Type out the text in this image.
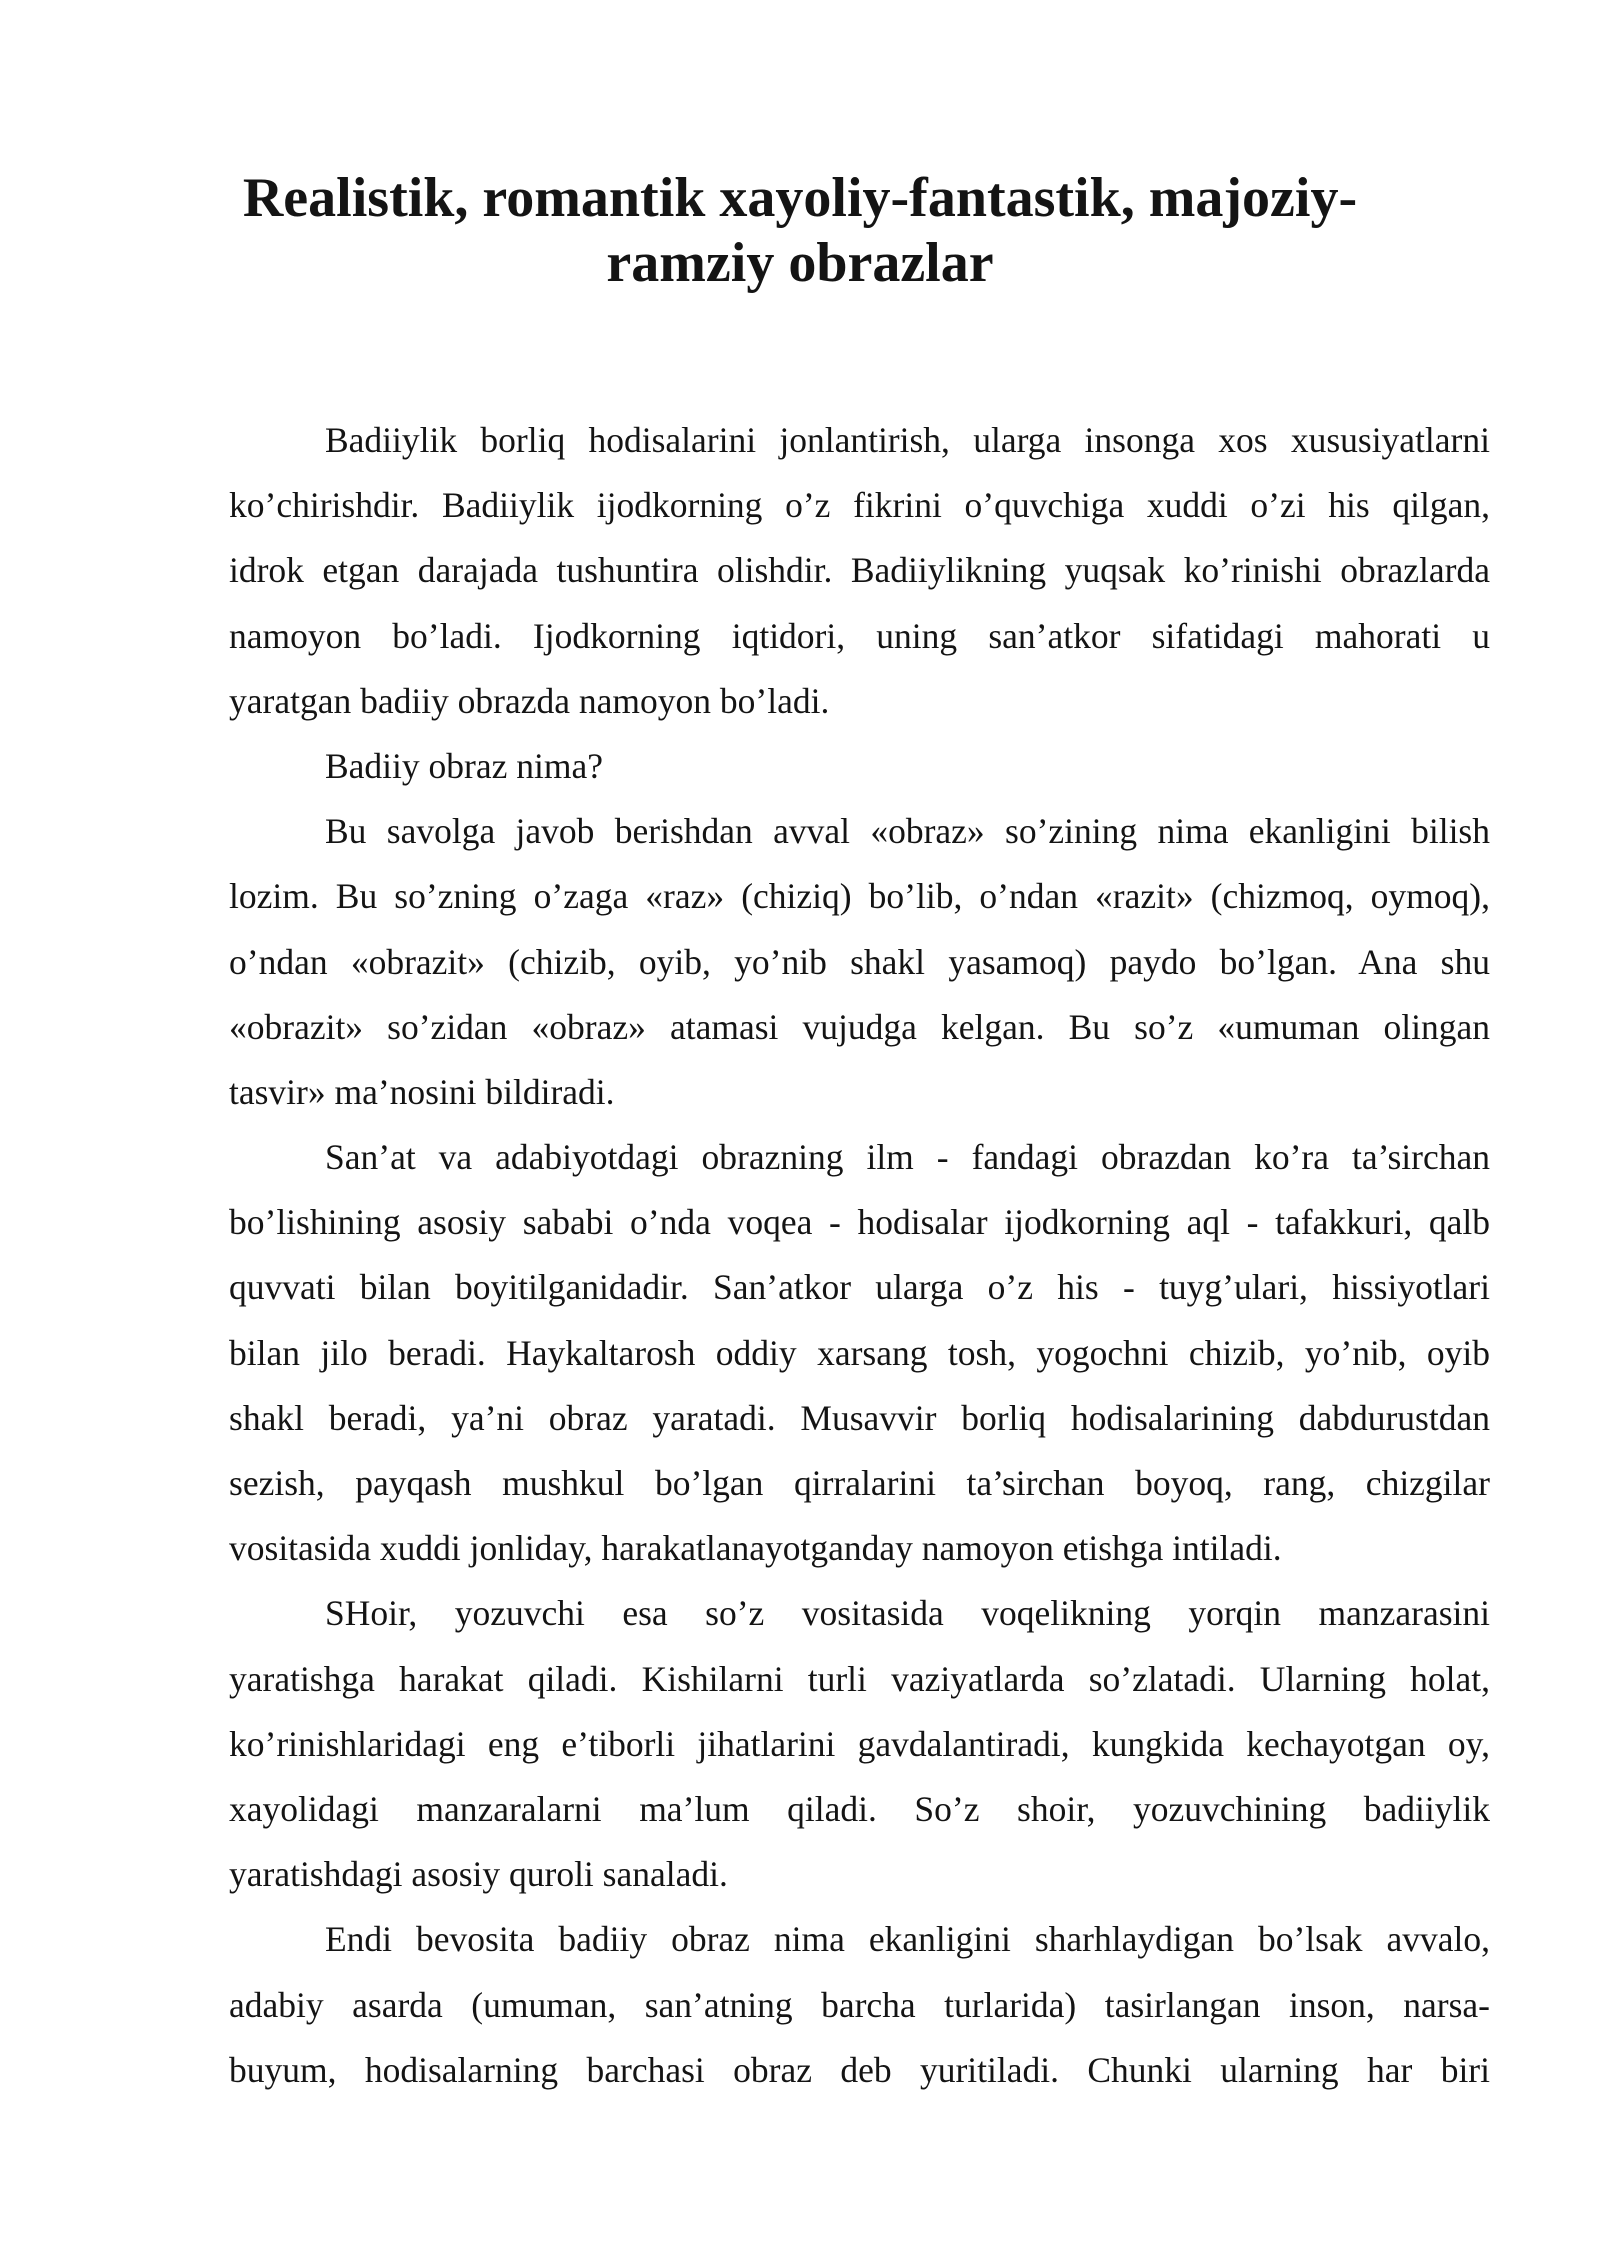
Realistik, romantik xayoliy-fantastik, majoziy-
ramziy obrazlar
Badiiylik borliq hodisalarini jonlantirish, ularga insonga xos xususiyatlarni
ko’chirishdir. Badiiylik ijodkorning o’z fikrini o’quvchiga xuddi o’zi his qilgan,
idrok etgan darajada tushuntira olishdir. Badiiylikning yuqsak ko’rinishi obrazlarda
namoyon bo’ladi. Ijodkorning iqtidori, uning san’atkor sifatidagi mahorati u
yaratgan badiiy obrazda namoyon bo’ladi.
Badiiy obraz nima?
Bu savolga javob berishdan avval «obraz» so’zining nima ekanligini bilish
lozim. Bu so’zning o’zaga «raz» (chiziq) bo’lib, o’ndan «razit» (chizmoq, oymoq),
o’ndan «obrazit» (chizib, oyib, yo’nib shakl yasamoq) paydo bo’lgan. Ana shu
«obrazit» so’zidan «obraz» atamasi vujudga kelgan. Bu so’z «umuman olingan
tasvir» ma’nosini bildiradi.
San’at va adabiyotdagi obrazning ilm - fandagi obrazdan ko’ra ta’sirchan
bo’lishining asosiy sababi o’nda voqea - hodisalar ijodkorning aql - tafakkuri, qalb
quvvati bilan boyitilganidadir. San’atkor ularga o’z his - tuyg’ulari, hissiyotlari
bilan jilo beradi. Haykaltarosh oddiy xarsang tosh, yogochni chizib, yo’nib, oyib
shakl beradi, ya’ni obraz yaratadi. Musavvir borliq hodisalarining dabdurustdan
sezish, payqash mushkul bo’lgan qirralarini ta’sirchan boyoq, rang, chizgilar
vositasida xuddi jonliday, harakatlanayotganday namoyon etishga intiladi.
SHoir, yozuvchi esa so’z vositasida voqelikning yorqin manzarasini
yaratishga harakat qiladi. Kishilarni turli vaziyatlarda so’zlatadi. Ularning holat,
ko’rinishlaridagi eng e’tiborli jihatlarini gavdalantiradi, kungkida kechayotgan oy,
xayolidagi manzaralarni ma’lum qiladi. So’z shoir, yozuvchining badiiylik
yaratishdagi asosiy quroli sanaladi.
Endi bevosita badiiy obraz nima ekanligini sharhlaydigan bo’lsak avvalo,
adabiy asarda (umuman, san’atning barcha turlarida) tasirlangan inson, narsa-
buyum, hodisalarning barchasi obraz deb yuritiladi. Chunki ularning har biri
